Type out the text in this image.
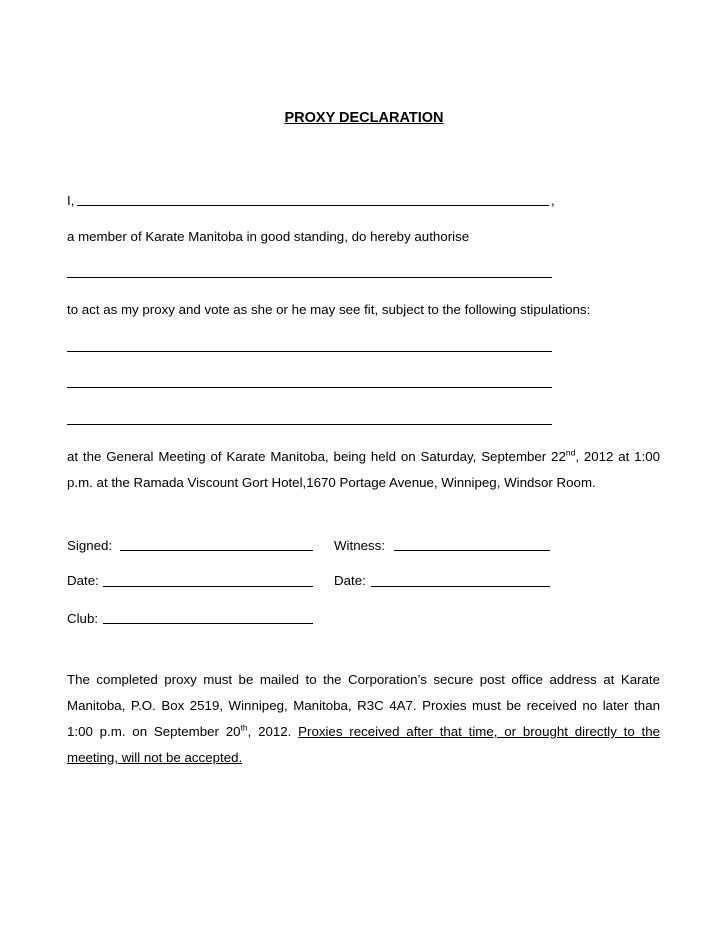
PROXY DECLARATION
I,	,
a member of Karate Manitoba in good standing, do hereby authorise
to act as my proxy and vote as she or he may see fit, subject to the following stipulations:
at the General Meeting of Karate Manitoba, being held on Saturday, September 22nd, 2012 at 1:00 p.m. at the Ramada Viscount Gort Hotel,1670 Portage Avenue, Winnipeg, Windsor Room.
Signed:	Witness:
Date:	Date:
Club:
The completed proxy must be mailed to the Corporation’s secure post office address at Karate Manitoba, P.O. Box 2519, Winnipeg, Manitoba, R3C 4A7. Proxies must be received no later than 1:00 p.m. on September 20th, 2012. Proxies received after that time, or brought directly to the meeting, will not be accepted.
